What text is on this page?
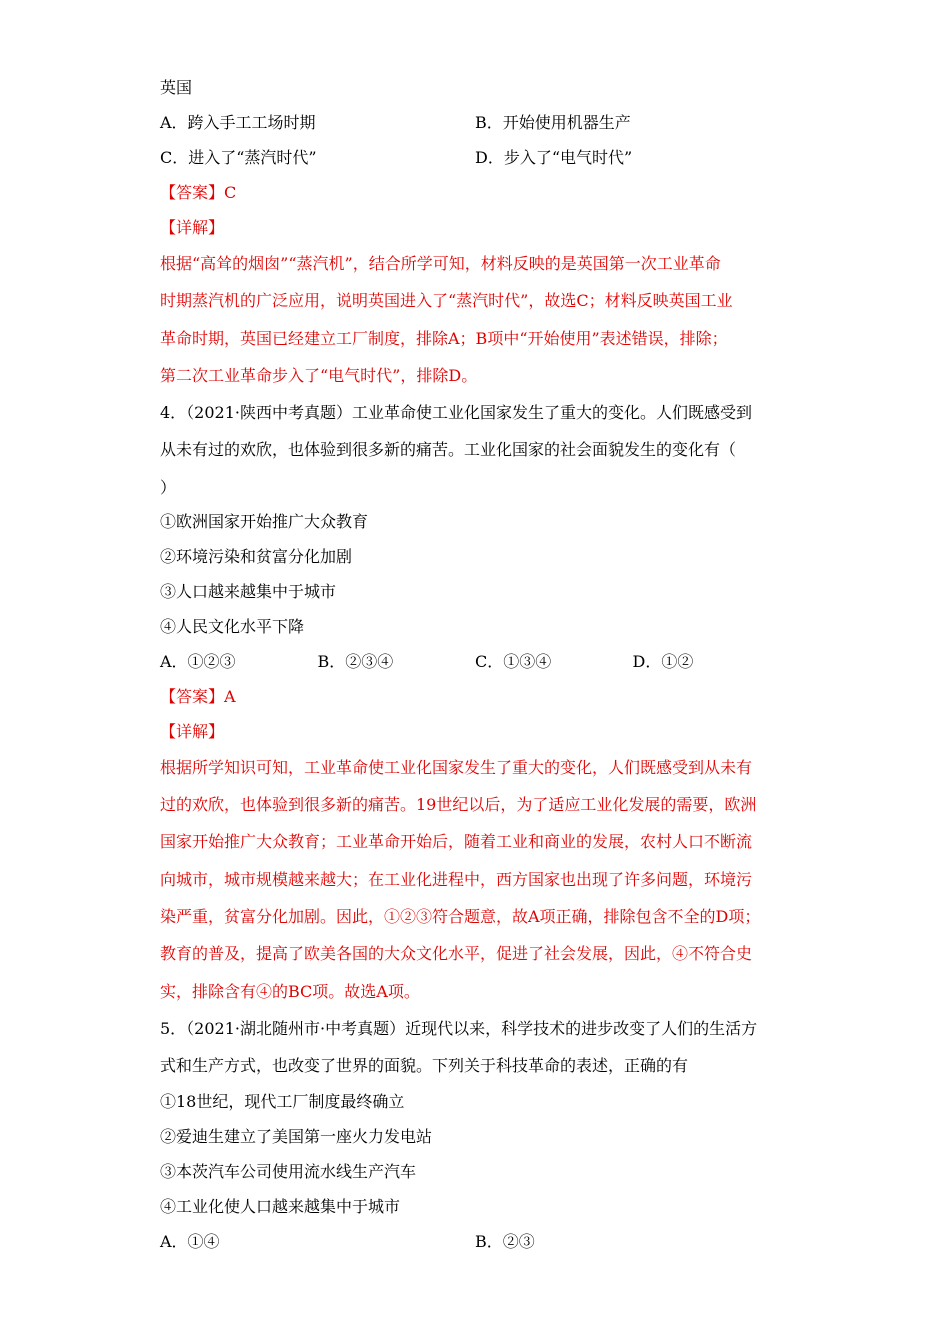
英国
A．跨入手工工场时期	B．开始使用机器生产
C．进入了“蒸汽时代”	D．步入了“电气时代”
【答案】C
【详解】
根据“高耸的烟囱”“蒸汽机”，结合所学可知，材料反映的是英国第一次工业革命
时期蒸汽机的广泛应用，说明英国进入了“蒸汽时代”，故选C；材料反映英国工业
革命时期，英国已经建立工厂制度，排除A；B项中“开始使用”表述错误，排除；
第二次工业革命步入了“电气时代”，排除D。
4．（2021·陕西中考真题）工业革命使工业化国家发生了重大的变化。人们既感受到
从未有过的欢欣，也体验到很多新的痛苦。工业化国家的社会面貌发生的变化有（
）
①欧洲国家开始推广大众教育
②环境污染和贫富分化加剧
③人口越来越集中于城市
④人民文化水平下降
A．①②③	B．②③④	C．①③④	D．①②
【答案】A
【详解】
根据所学知识可知，工业革命使工业化国家发生了重大的变化，人们既感受到从未有
过的欢欣，也体验到很多新的痛苦。19世纪以后，为了适应工业化发展的需要，欧洲
国家开始推广大众教育；工业革命开始后，随着工业和商业的发展，农村人口不断流
向城市，城市规模越来越大；在工业化进程中，西方国家也出现了许多问题，环境污
染严重，贫富分化加剧。因此，①②③符合题意，故A项正确，排除包含不全的D项；
教育的普及，提高了欧美各国的大众文化水平，促进了社会发展，因此，④不符合史
实，排除含有④的BC项。故选A项。
5．（2021·湖北随州市·中考真题）近现代以来，科学技术的进步改变了人们的生活方
式和生产方式，也改变了世界的面貌。下列关于科技革命的表述，正确的有
①18世纪，现代工厂制度最终确立
②爱迪生建立了美国第一座火力发电站
③本茨汽车公司使用流水线生产汽车
④工业化使人口越来越集中于城市
A．①④	B．②③
